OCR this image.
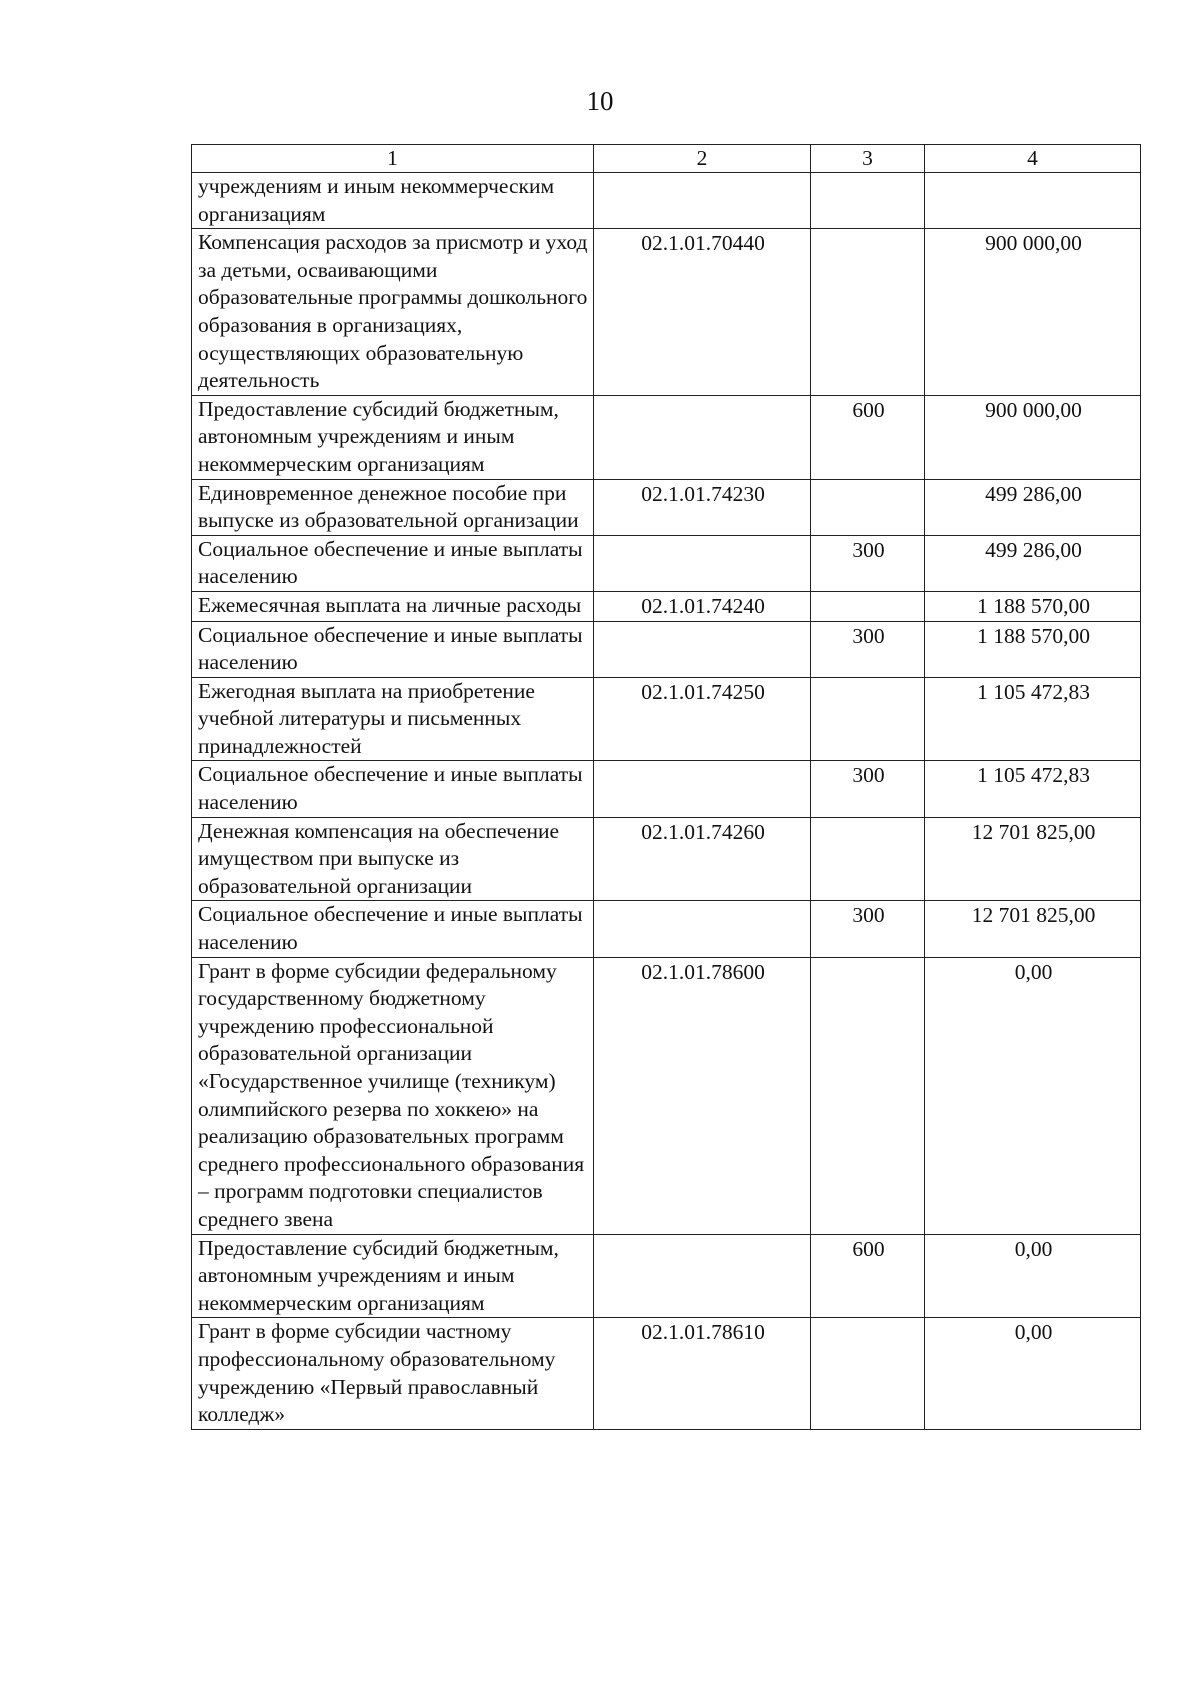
10
1	2	3	4
учреждениям и иным некоммерческим организациям			
Компенсация расходов за присмотр и уход за детьми, осваивающими образовательные программы дошкольного образования в организациях, осуществляющих образовательную деятельность	02.1.01.70440		900 000,00
Предоставление субсидий бюджетным, автономным учреждениям и иным некоммерческим организациям		600	900 000,00
Единовременное денежное пособие при выпуске из образовательной организации	02.1.01.74230		499 286,00
Социальное обеспечение и иные выплаты населению		300	499 286,00
Ежемесячная выплата на личные расходы	02.1.01.74240		1 188 570,00
Социальное обеспечение и иные выплаты населению		300	1 188 570,00
Ежегодная выплата на приобретение учебной литературы и письменных принадлежностей	02.1.01.74250		1 105 472,83
Социальное обеспечение и иные выплаты населению		300	1 105 472,83
Денежная компенсация на обеспечение имуществом при выпуске из образовательной организации	02.1.01.74260		12 701 825,00
Социальное обеспечение и иные выплаты населению		300	12 701 825,00
Грант в форме субсидии федеральному государственному бюджетному учреждению профессиональной образовательной организации «Государственное училище (техникум) олимпийского резерва по хоккею» на реализацию образовательных программ среднего профессионального образования – программ подготовки специалистов среднего звена	02.1.01.78600		0,00
Предоставление субсидий бюджетным, автономным учреждениям и иным некоммерческим организациям		600	0,00
Грант в форме субсидии частному профессиональному образовательному учреждению «Первый православный колледж»	02.1.01.78610		0,00
